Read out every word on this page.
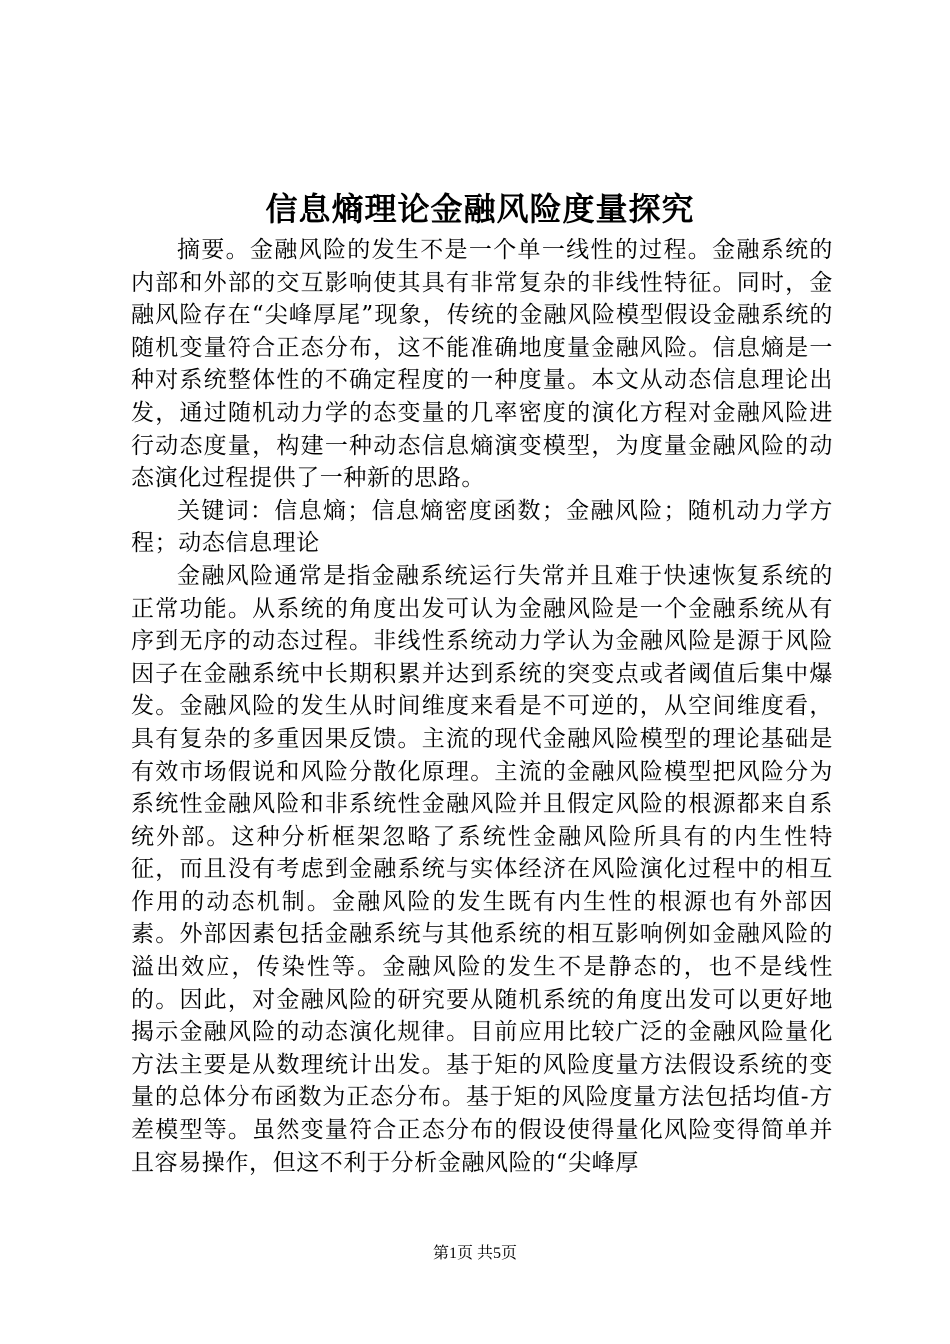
信息熵理论金融风险度量探究

摘要。金融风险的发生不是一个单一线性的过程。金融系统的内部和外部的交互影响使其具有非常复杂的非线性特征。同时，金融风险存在“尖峰厚尾”现象，传统的金融风险模型假设金融系统的随机变量符合正态分布，这不能准确地度量金融风险。信息熵是一种对系统整体性的不确定程度的一种度量。本文从动态信息理论出发，通过随机动力学的态变量的几率密度的演化方程对金融风险进行动态度量，构建一种动态信息熵演变模型，为度量金融风险的动态演化过程提供了一种新的思路。

关键词：信息熵；信息熵密度函数；金融风险；随机动力学方程；动态信息理论

金融风险通常是指金融系统运行失常并且难于快速恢复系统的正常功能。从系统的角度出发可认为金融风险是一个金融系统从有序到无序的动态过程。非线性系统动力学认为金融风险是源于风险因子在金融系统中长期积累并达到系统的突变点或者阈值后集中爆发。金融风险的发生从时间维度来看是不可逆的，从空间维度看，具有复杂的多重因果反馈。主流的现代金融风险模型的理论基础是有效市场假说和风险分散化原理。主流的金融风险模型把风险分为系统性金融风险和非系统性金融风险并且假定风险的根源都来自系统外部。这种分析框架忽略了系统性金融风险所具有的内生性特征，而且没有考虑到金融系统与实体经济在风险演化过程中的相互作用的动态机制。金融风险的发生既有内生性的根源也有外部因素。外部因素包括金融系统与其他系统的相互影响例如金融风险的溢出效应，传染性等。金融风险的发生不是静态的，也不是线性的。因此，对金融风险的研究要从随机系统的角度出发可以更好地揭示金融风险的动态演化规律。目前应用比较广泛的金融风险量化方法主要是从数理统计出发。基于矩的风险度量方法假设系统的变量的总体分布函数为正态分布。基于矩的风险度量方法包括均值-方差模型等。虽然变量符合正态分布的假设使得量化风险变得简单并且容易操作，但这不利于分析金融风险的“尖峰厚

第1页 共5页
